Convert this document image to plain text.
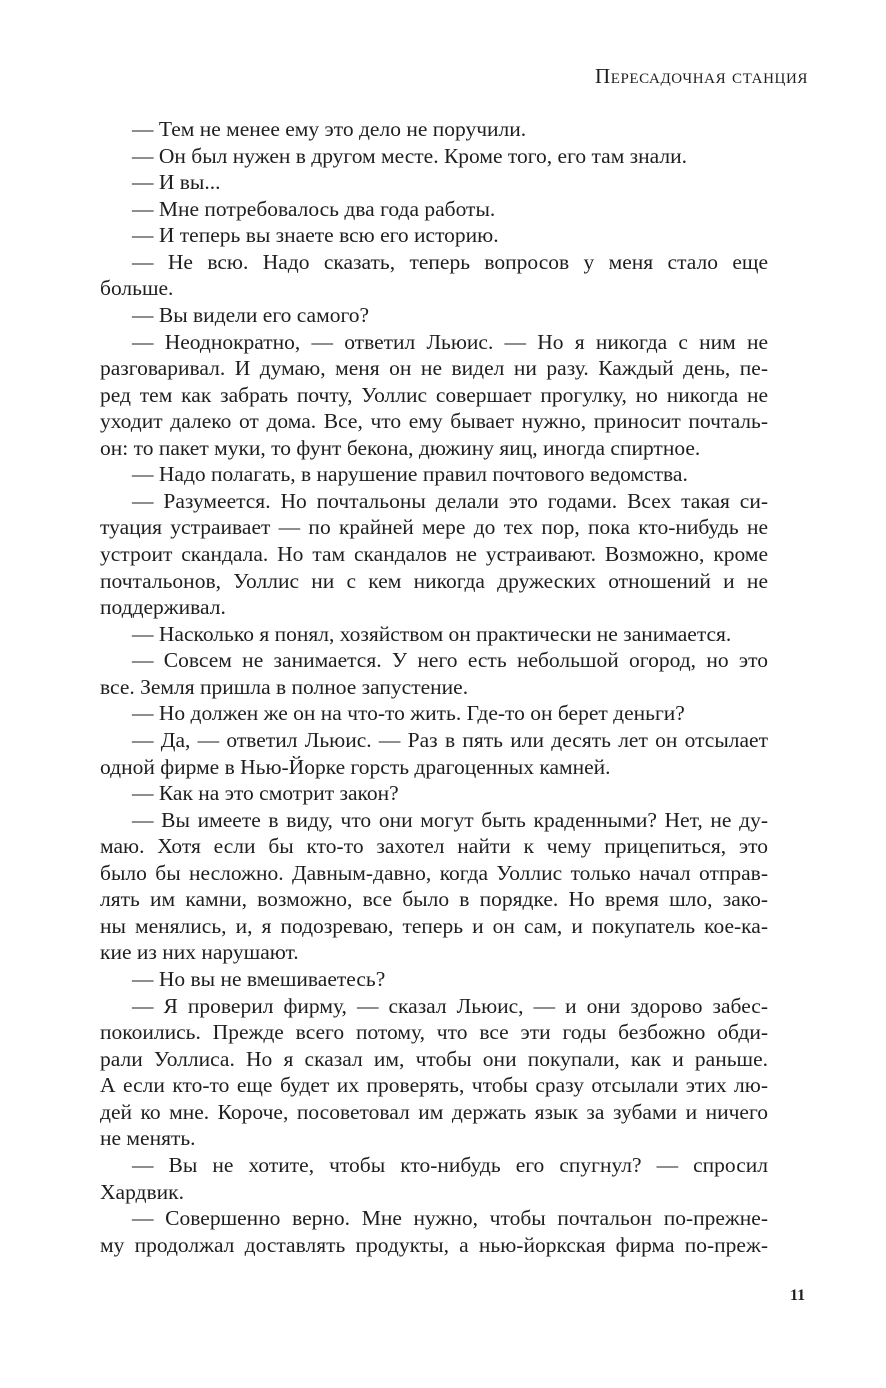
Пересадочная станция
— Тем не менее ему это дело не поручили.
— Он был нужен в другом месте. Кроме того, его там знали.
— И вы...
— Мне потребовалось два года работы.
— И теперь вы знаете всю его историю.
— Не всю. Надо сказать, теперь вопросов у меня стало еще
больше.
— Вы видели его самого?
— Неоднократно, — ответил Льюис. — Но я никогда с ним не
разговаривал. И думаю, меня он не видел ни разу. Каждый день, пе-
ред тем как забрать почту, Уоллис совершает прогулку, но никогда не
уходит далеко от дома. Все, что ему бывает нужно, приносит почталь-
он: то пакет муки, то фунт бекона, дюжину яиц, иногда спиртное.
— Надо полагать, в нарушение правил почтового ведомства.
— Разумеется. Но почтальоны делали это годами. Всех такая си-
туация устраивает — по крайней мере до тех пор, пока кто-нибудь не
устроит скандала. Но там скандалов не устраивают. Возможно, кроме
почтальонов, Уоллис ни с кем никогда дружеских отношений и не
поддерживал.
— Насколько я понял, хозяйством он практически не занимается.
— Совсем не занимается. У него есть небольшой огород, но это
все. Земля пришла в полное запустение.
— Но должен же он на что-то жить. Где-то он берет деньги?
— Да, — ответил Льюис. — Раз в пять или десять лет он отсылает
одной фирме в Нью-Йорке горсть драгоценных камней.
— Как на это смотрит закон?
— Вы имеете в виду, что они могут быть краденными? Нет, не ду-
маю. Хотя если бы кто-то захотел найти к чему прицепиться, это
было бы несложно. Давным-давно, когда Уоллис только начал отправ-
лять им камни, возможно, все было в порядке. Но время шло, зако-
ны менялись, и, я подозреваю, теперь и он сам, и покупатель кое-ка-
кие из них нарушают.
— Но вы не вмешиваетесь?
— Я проверил фирму, — сказал Льюис, — и они здорово забес-
покоились. Прежде всего потому, что все эти годы безбожно обди-
рали Уоллиса. Но я сказал им, чтобы они покупали, как и раньше.
А если кто-то еще будет их проверять, чтобы сразу отсылали этих лю-
дей ко мне. Короче, посоветовал им держать язык за зубами и ничего
не менять.
— Вы не хотите, чтобы кто-нибудь его спугнул? — спросил
Хардвик.
— Совершенно верно. Мне нужно, чтобы почтальон по-прежне-
му продолжал доставлять продукты, а нью-йоркская фирма по-преж-
11
